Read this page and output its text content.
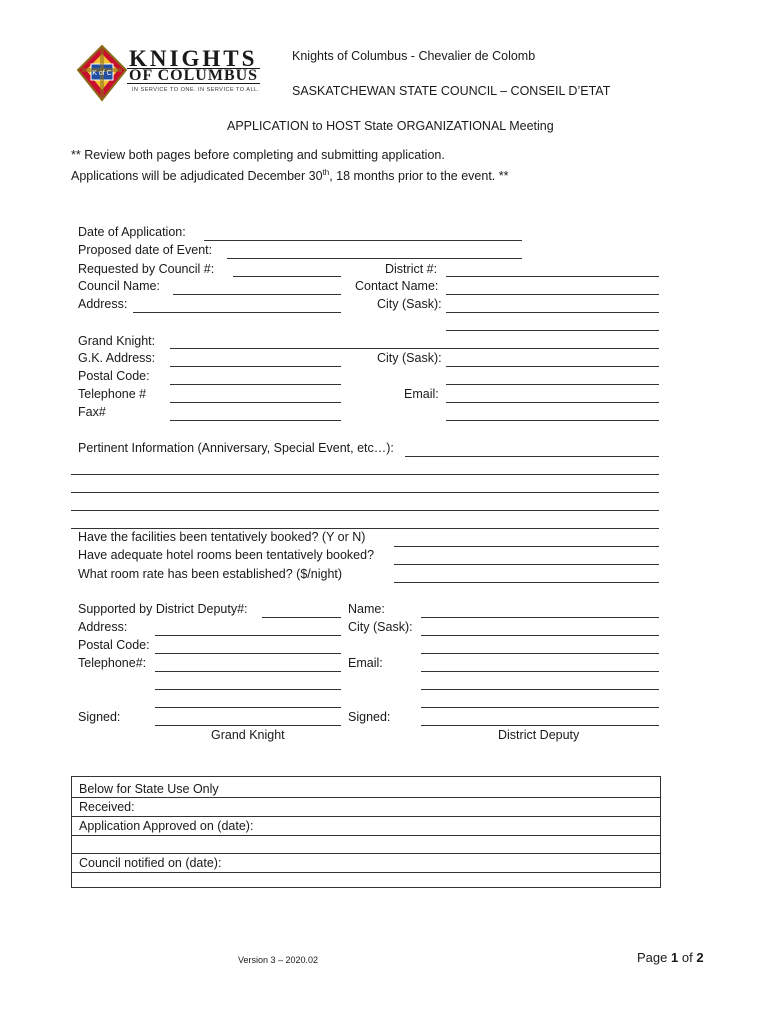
K of C
KNIGHTS
OF COLUMBUS
IN SERVICE TO ONE. IN SERVICE TO ALL.
Knights of Columbus - Chevalier de Colomb
SASKATCHEWAN STATE COUNCIL – CONSEIL D’ETAT
APPLICATION to HOST State ORGANIZATIONAL Meeting
** Review both pages before completing and submitting application.
Applications will be adjudicated December 30th, 18 months prior to the event. **
Date of Application:
Proposed date of Event:
Requested by Council #:	District #:
Council Name:	Contact Name:
Address:	City (Sask):
Grand Knight:
G.K. Address:	City (Sask):
Postal Code:
Telephone #	Email:
Fax#
Pertinent Information (Anniversary, Special Event, etc…):
Have the facilities been tentatively booked? (Y or N)
Have adequate hotel rooms been tentatively booked?
What room rate has been established? ($/night)
Supported by District Deputy#:	Name:
Address:	City (Sask):
Postal Code:
Telephone#:	Email:
Signed:	Signed:
Grand Knight	District Deputy
Below for State Use Only
Received:
Application Approved on (date):
Council notified on (date):
Version 3 – 2020.02	Page 1 of 2
